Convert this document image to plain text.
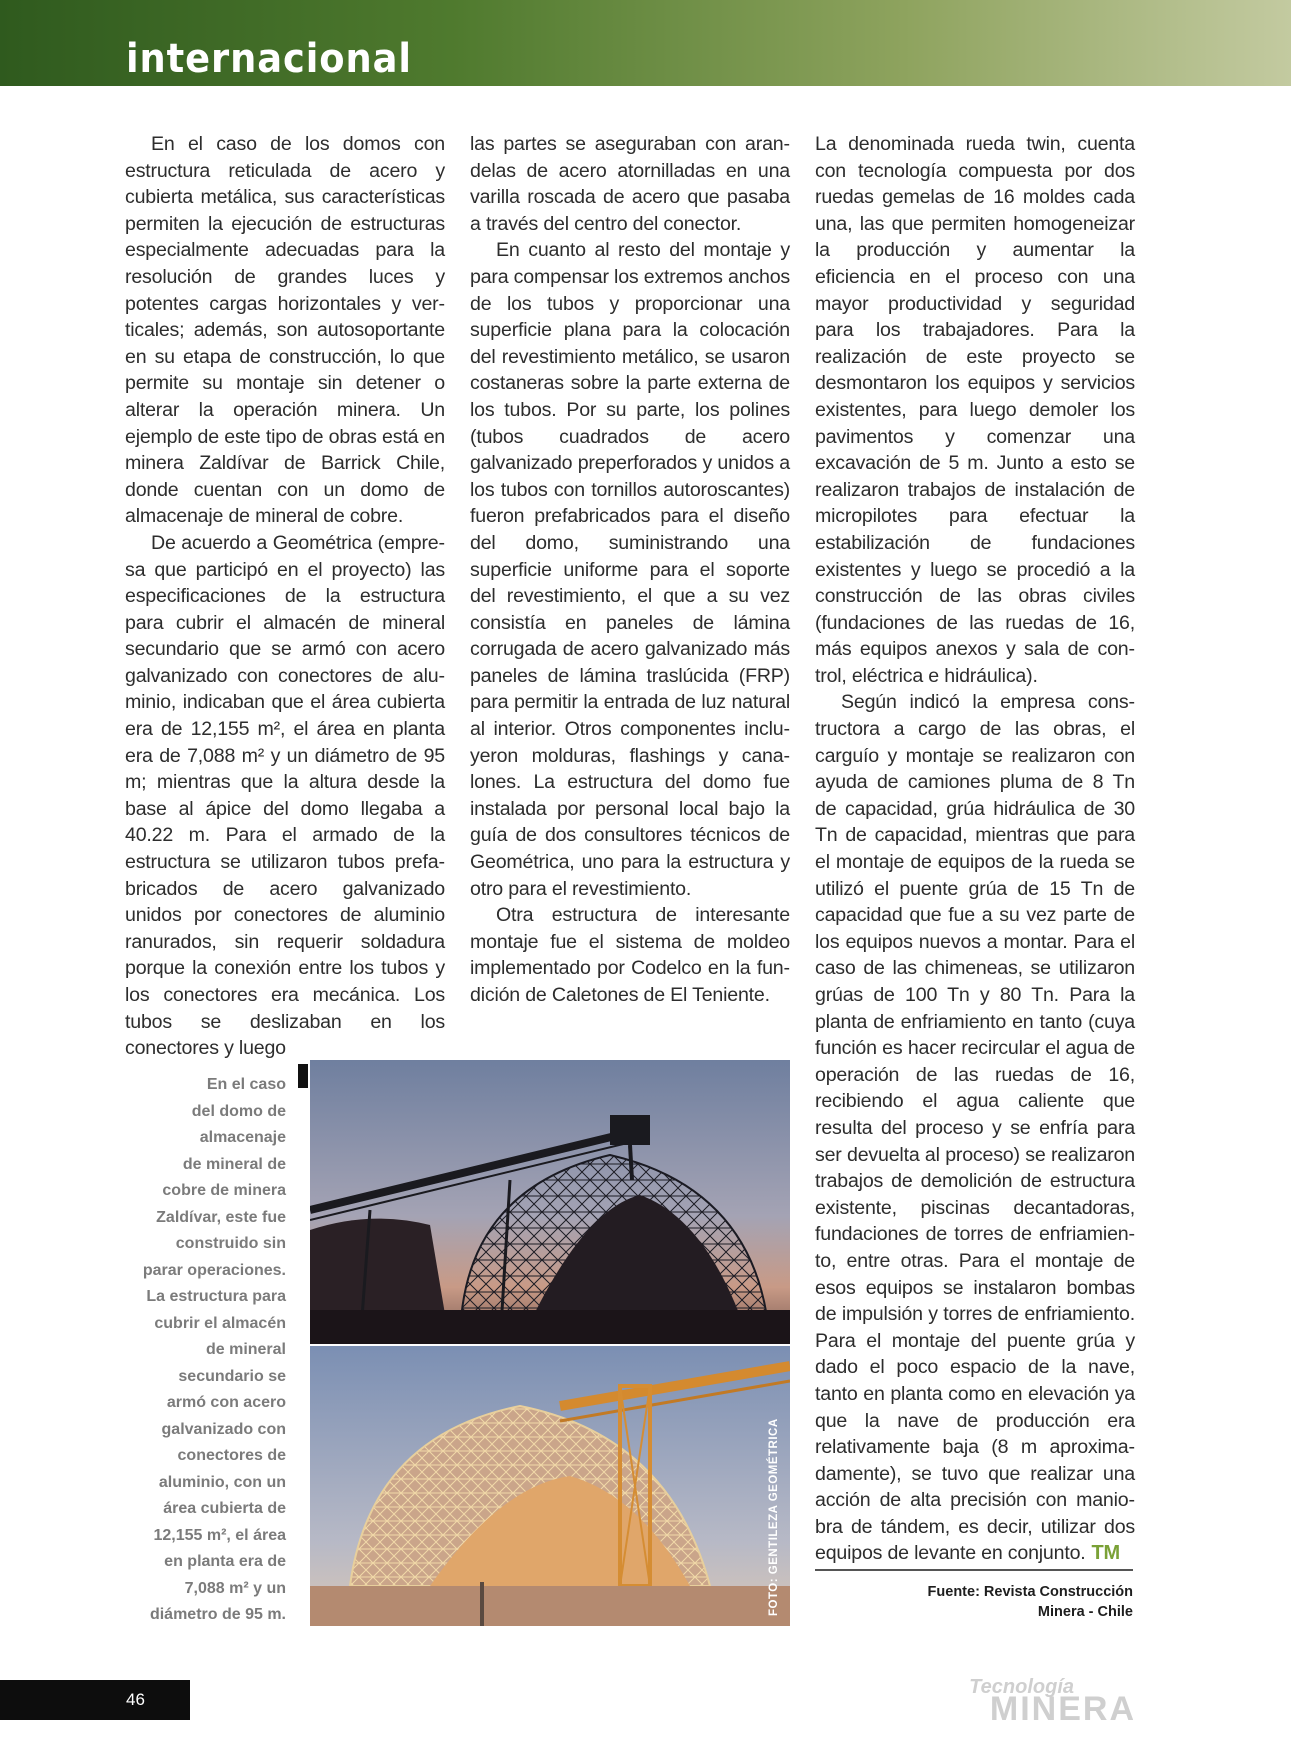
internacional

En el caso de los domos con estructura reticulada de acero y cubierta metálica, sus características permiten la ejecución de estructuras especialmente adecuadas para la resolución de grandes luces y potentes cargas horizontales y verticales; además, son autosoportante en su etapa de construcción, lo que permite su montaje sin detener o alterar la operación minera. Un ejemplo de este tipo de obras está en minera Zaldívar de Barrick Chile, donde cuentan con un domo de almacenaje de mineral de cobre.

De acuerdo a Geométrica (empresa que participó en el proyecto) las especificaciones de la estructura para cubrir el almacén de mineral secundario que se armó con acero galvanizado con conectores de aluminio, indicaban que el área cubierta era de 12,155 m², el área en planta era de 7,088 m² y un diámetro de 95 m; mientras que la altura desde la base al ápice del domo llegaba a 40.22 m. Para el armado de la estructura se utilizaron tubos prefabricados de acero galvanizado unidos por conectores de aluminio ranurados, sin requerir soldadura porque la conexión entre los tubos y los conectores era mecánica. Los tubos se deslizaban en los conectores y luego

las partes se aseguraban con arandelas de acero atornilladas en una varilla roscada de acero que pasaba a través del centro del conector.

En cuanto al resto del montaje y para compensar los extremos anchos de los tubos y proporcionar una superficie plana para la colocación del revestimiento metálico, se usaron costaneras sobre la parte externa de los tubos. Por su parte, los polines (tubos cuadrados de acero galvanizado preperforados y unidos a los tubos con tornillos autoroscantes) fueron prefabricados para el diseño del domo, suministrando una superficie uniforme para el soporte del revestimiento, el que a su vez consistía en paneles de lámina corrugada de acero galvanizado más paneles de lámina traslúcida (FRP) para permitir la entrada de luz natural al interior. Otros componentes incluyeron molduras, flashings y canalones. La estructura del domo fue instalada por personal local bajo la guía de dos consultores técnicos de Geométrica, uno para la estructura y otro para el revestimiento.

Otra estructura de interesante montaje fue el sistema de moldeo implementado por Codelco en la fundición de Caletones de El Teniente.

La denominada rueda twin, cuenta con tecnología compuesta por dos ruedas gemelas de 16 moldes cada una, las que permiten homogeneizar la producción y aumentar la eficiencia en el proceso con una mayor productividad y seguridad para los trabajadores. Para la realización de este proyecto se desmontaron los equipos y servicios existentes, para luego demoler los pavimentos y comenzar una excavación de 5 m. Junto a esto se realizaron trabajos de instalación de micropilotes para efectuar la estabilización de fundaciones existentes y luego se procedió a la construcción de las obras civiles (fundaciones de las ruedas de 16, más equipos anexos y sala de control, eléctrica e hidráulica).

Según indicó la empresa constructora a cargo de las obras, el carguío y montaje se realizaron con ayuda de camiones pluma de 8 Tn de capacidad, grúa hidráulica de 30 Tn de capacidad, mientras que para el montaje de equipos de la rueda se utilizó el puente grúa de 15 Tn de capacidad que fue a su vez parte de los equipos nuevos a montar. Para el caso de las chimeneas, se utilizaron grúas de 100 Tn y 80 Tn. Para la planta de enfriamiento en tanto (cuya función es hacer recircular el agua de operación de las ruedas de 16, recibiendo el agua caliente que resulta del proceso y se enfría para ser devuelta al proceso) se realizaron trabajos de demolición de estructura existente, piscinas decantadoras, fundaciones de torres de enfriamiento, entre otras. Para el montaje de esos equipos se instalaron bombas de impulsión y torres de enfriamiento. Para el montaje del puente grúa y dado el poco espacio de la nave, tanto en planta como en elevación ya que la nave de producción era relativamente baja (8 m aproximadamente), se tuvo que realizar una acción de alta precisión con maniobra de tándem, es decir, utilizar dos equipos de levante en conjunto. TM

En el caso
del domo de
almacenaje
de mineral de
cobre de minera
Zaldívar, este fue
construido sin
parar operaciones.
La estructura para
cubrir el almacén
de mineral
secundario se
armó con acero
galvanizado con
conectores de
aluminio, con un
área cubierta de
12,155 m², el área
en planta era de
7,088 m² y un
diámetro de 95 m.	FOTO: GENTILEZA GEOMÉTRICA	Fuente: Revista Construcción
Minera - Chile
46
Tecnología
MINERA
